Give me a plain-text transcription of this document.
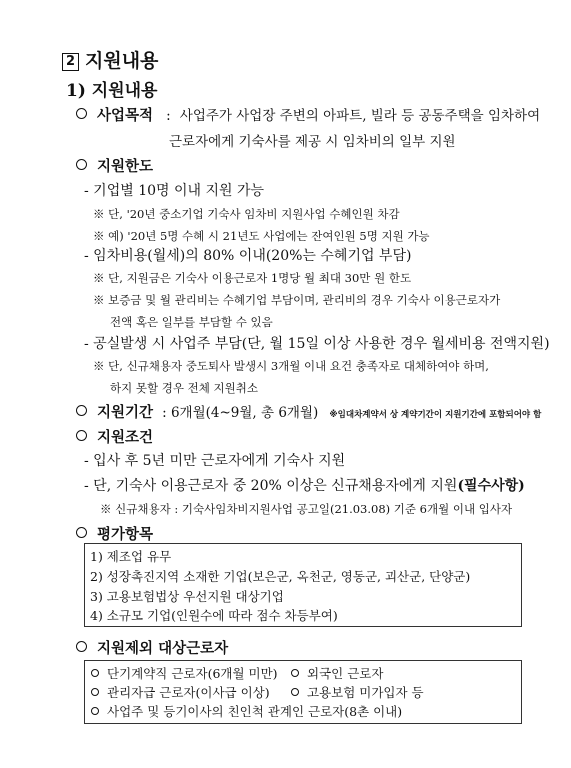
2 지원내용
1) 지원내용
사업목적 : 사업주가 사업장 주변의 아파트, 빌라 등 공동주택을 임차하여
근로자에게 기숙사를 제공 시 임차비의 일부 지원
지원한도
- 기업별 10명 이내 지원 가능
※ 단, '20년 중소기업 기숙사 임차비 지원사업 수혜인원 차감
※ 예) '20년 5명 수혜 시 21년도 사업에는 잔여인원 5명 지원 가능
- 임차비용(월세)의 80% 이내(20%는 수혜기업 부담)
※ 단, 지원금은 기숙사 이용근로자 1명당 월 최대 30만 원 한도
※ 보증금 및 월 관리비는 수혜기업 부담이며, 관리비의 경우 기숙사 이용근로자가
전액 혹은 일부를 부담할 수 있음
- 공실발생 시 사업주 부담(단, 월 15일 이상 사용한 경우 월세비용 전액지원)
※ 단, 신규채용자 중도퇴사 발생시 3개월 이내 요건 충족자로 대체하여야 하며,
하지 못할 경우 전체 지원취소
지원기간 : 6개월(4~9월, 총 6개월) ※임대차계약서 상 계약기간이 지원기간에 포함되어야 함
지원조건
- 입사 후 5년 미만 근로자에게 기숙사 지원
- 단, 기숙사 이용근로자 중 20% 이상은 신규채용자에게 지원(필수사항)
※ 신규채용자 : 기숙사임차비지원사업 공고일(21.03.08) 기준 6개월 이내 입사자
평가항목
1) 제조업 유무
2) 성장촉진지역 소재한 기업(보은군, 옥천군, 영동군, 괴산군, 단양군)
3) 고용보험법상 우선지원 대상기업
4) 소규모 기업(인원수에 따라 점수 차등부여)
지원제외 대상근로자
단기계약직 근로자(6개월 미만)	외국인 근로자
관리자급 근로자(이사급 이상)	고용보험 미가입자 등
사업주 및 등기이사의 친인척 관계인 근로자(8촌 이내)
